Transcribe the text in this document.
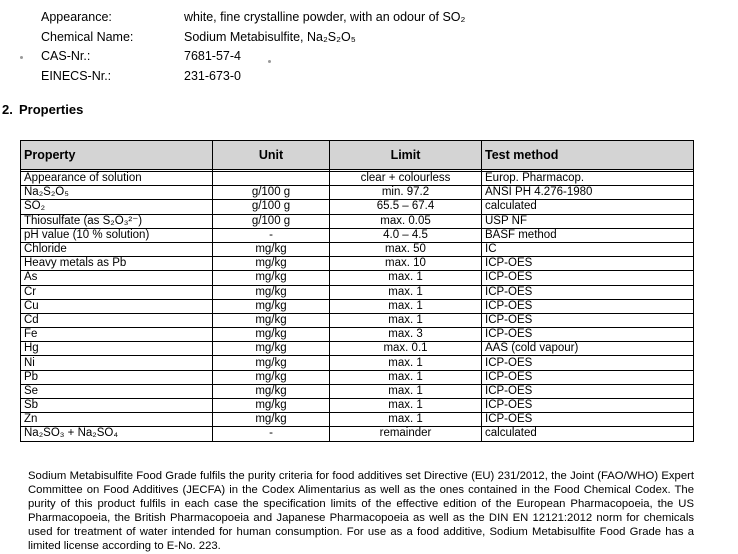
Appearance:	white, fine crystalline powder, with an odour of SO₂
Chemical Name:	Sodium Metabisulfite, Na₂S₂O₅
CAS-Nr.:	7681-57-4
EINECS-Nr.:	231-673-0
2. Properties
Property	Unit	Limit	Test method

Appearance of solution		clear + colourless	Europ. Pharmacop.
Na₂S₂O₅	g/100 g	min. 97.2	ANSI PH 4.276-1980
SO₂	g/100 g	65.5 – 67.4	calculated
Thiosulfate (as S₂O₃²⁻)	g/100 g	max. 0.05	USP NF
pH value (10 % solution)	-	4.0 – 4.5	BASF method
Chloride	mg/kg	max. 50	IC
Heavy metals as Pb	mg/kg	max. 10	ICP-OES
As	mg/kg	max. 1	ICP-OES
Cr	mg/kg	max. 1	ICP-OES
Cu	mg/kg	max. 1	ICP-OES
Cd	mg/kg	max. 1	ICP-OES
Fe	mg/kg	max. 3	ICP-OES
Hg	mg/kg	max. 0.1	AAS (cold vapour)
Ni	mg/kg	max. 1	ICP-OES
Pb	mg/kg	max. 1	ICP-OES
Se	mg/kg	max. 1	ICP-OES
Sb	mg/kg	max. 1	ICP-OES
Zn	mg/kg	max. 1	ICP-OES
Na₂SO₃ + Na₂SO₄	-	remainder	calculated

Sodium Metabisulfite Food Grade fulfils the purity criteria for food additives set Directive (EU) 231/2012, the Joint (FAO/WHO) Expert Committee on Food Additives (JECFA) in the Codex Alimentarius as well as the ones contained in the Food Chemical Codex. The purity of this product fulfils in each case the specification limits of the effective edition of the European Pharmacopoeia, the US Pharmacopoeia, the British Pharmacopoeia and Japanese Pharmacopoeia as well as the DIN EN 12121:2012 norm for chemicals used for treatment of water intended for human consumption. For use as a food additive, Sodium Metabisulfite Food Grade has a limited license according to E-No. 223.
